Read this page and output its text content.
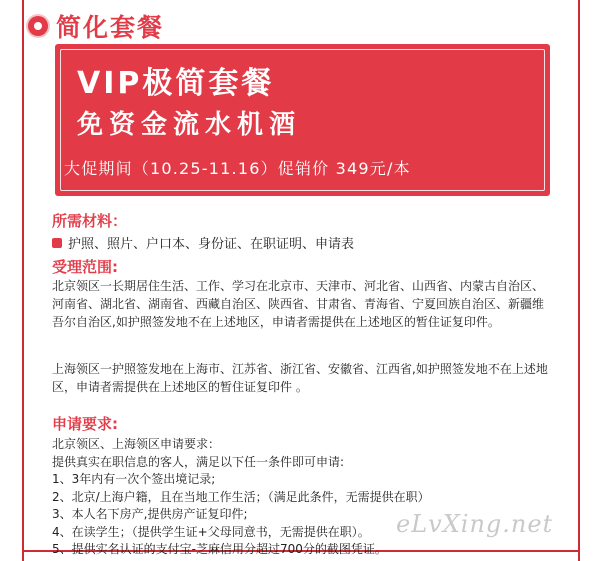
简化套餐
VIP极简套餐
免资金流水机酒
大促期间（10.25-11.16）促销价 349元/本
所需材料：
护照、照片、户口本、身份证、在职证明、申请表
受理范围:
北京领区一长期居住生活、工作、学习在北京市、天津市、河北省、山西省、内蒙古自治区、河南省、湖北省、湖南省、西藏自治区、陕西省、甘肃省、青海省、宁夏回族自治区、新疆维吾尔自治区,如护照签发地不在上述地区，申请者需提供在上述地区的暂住证复印件。
上海领区一护照签发地在上海市、江苏省、浙江省、安徽省、江西省,如护照签发地不在上述地区，申请者需提供在上述地区的暂住证复印件 。
申请要求:
北京领区、上海领区申请要求：
提供真实在职信息的客人，满足以下任一条件即可申请:
1、3年内有一次个签出境记录;
2、北京/上海户籍，且在当地工作生活；（满足此条件，无需提供在职）
3、本人名下房产,提供房产证复印件;
4、在读学生；（提供学生证+父母同意书，无需提供在职）。
5、提供实名认证的支付宝-芝麻信用分超过700分的截图凭证。
eLvXing.net
